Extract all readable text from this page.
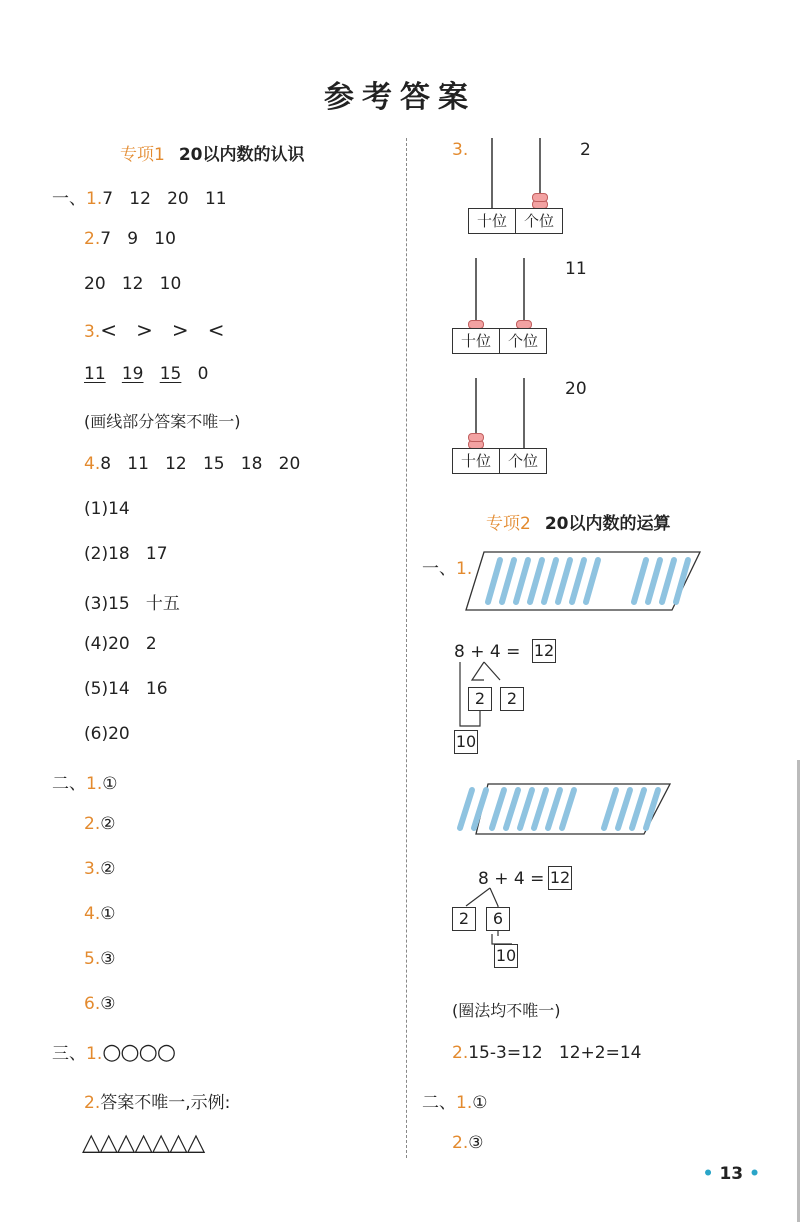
参考答案
专项1 20以内数的认识
一、1.7   12   20   11
2.7   9   10
20   12   10
3.<   >   >   <
11 19 15 0
(画线部分答案不唯一)
4.8   11   12   15   18   20
(1)14
(2)18   17
(3)15   十五
(4)20   2
(5)14   16
(6)20
二、1.①
2.②
3.②
4.①
5.③
6.③
三、1.○○○○
2.答案不唯一,示例:
△△△△△△△
3.
十位	个位
2
十位	个位
11
十位	个位
20
专项2 20以内数的运算
一、1.
8 + 4 = 12
2	2
10
8 + 4 = 12
2	6
10
(圈法均不唯一)
2.15-3=12   12+2=14
二、1.①
2.③
• 13 •
